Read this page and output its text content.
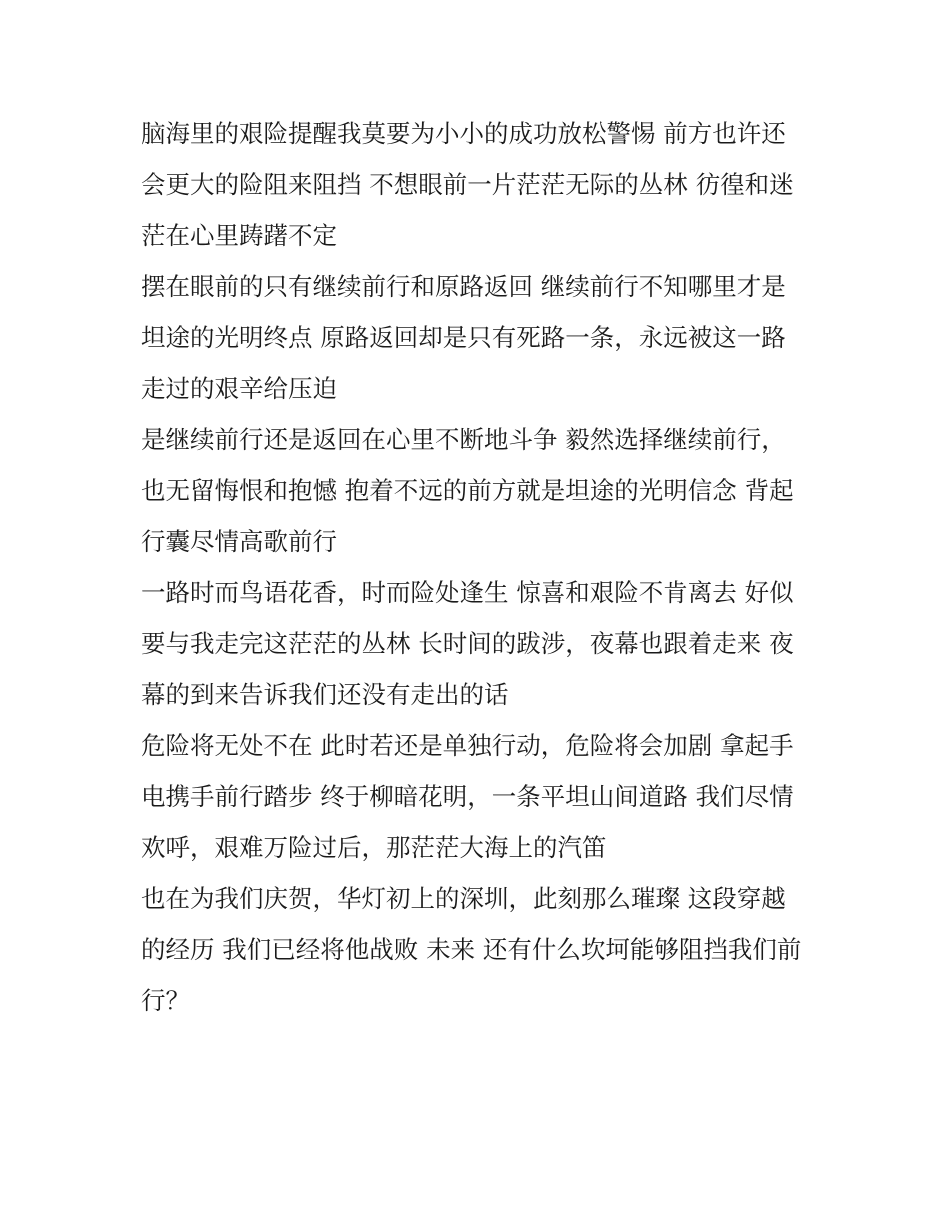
脑海里的艰险提醒我莫要为小小的成功放松警惕 前方也许还
会更大的险阻来阻挡 不想眼前一片茫茫无际的丛林 彷徨和迷
茫在心里踌躇不定
摆在眼前的只有继续前行和原路返回 继续前行不知哪里才是
坦途的光明终点 原路返回却是只有死路一条，永远被这一路
走过的艰辛给压迫
是继续前行还是返回在心里不断地斗争 毅然选择继续前行，
也无留悔恨和抱憾 抱着不远的前方就是坦途的光明信念 背起
行囊尽情高歌前行
一路时而鸟语花香，时而险处逢生 惊喜和艰险不肯离去 好似
要与我走完这茫茫的丛林 长时间的跋涉，夜幕也跟着走来 夜
幕的到来告诉我们还没有走出的话
危险将无处不在 此时若还是单独行动，危险将会加剧 拿起手
电携手前行踏步 终于柳暗花明，一条平坦山间道路 我们尽情
欢呼，艰难万险过后，那茫茫大海上的汽笛
也在为我们庆贺，华灯初上的深圳，此刻那么璀璨 这段穿越
的经历 我们已经将他战败 未来 还有什么坎坷能够阻挡我们前
行？
